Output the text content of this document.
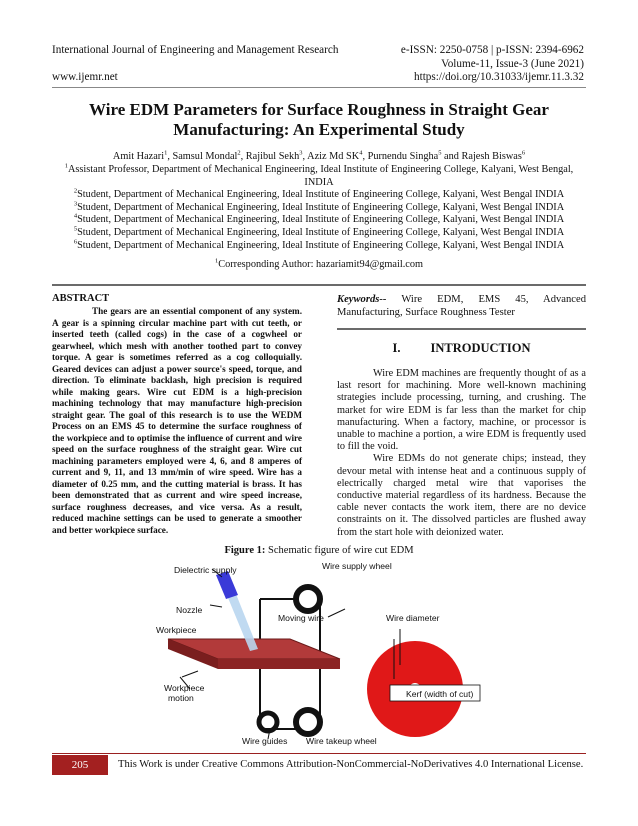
International Journal of Engineering and Management Research	e-ISSN: 2250-0758 | p-ISSN: 2394-6962
Volume-11, Issue-3 (June 2021)
www.ijemr.net	https://doi.org/10.31033/ijemr.11.3.32
Wire EDM Parameters for Surface Roughness in Straight Gear
Manufacturing: An Experimental Study
Amit Hazari$^1$, Samsul Mondal$^2$, Rajibul Sekh$^3$, Aziz Md $SK^4$, Purnendu Singha$^5$ and Rajesh Biswas$^6$
$^1$Assistant Professor, Department of Mechanical Engineering, Ideal Institute of Engineering College, Kalyani, West Bengal,
INDIA
$^2$Student, Department of Mechanical Engineering, Ideal Institute of Engineering College, Kalyani, West Bengal INDIA
$^3$Student, Department of Mechanical Engineering, Ideal Institute of Engineering College, Kalyani, West Bengal INDIA
$^4$Student, Department of Mechanical Engineering, Ideal Institute of Engineering College, Kalyani, West Bengal INDIA
$^5$Student, Department of Mechanical Engineering, Ideal Institute of Engineering College, Kalyani, West Bengal INDIA
$^6$Student, Department of Mechanical Engineering, Ideal Institute of Engineering College, Kalyani, West Bengal INDIA
$^1$Corresponding Author: hazariamit94@gmail.com
ABSTRACT

The gears are an essential component of any system. A gear is a spinning circular machine part with cut teeth, or inserted teeth (called cogs) in the case of a cogwheel or gearwheel, which mesh with another toothed part to convey torque. A gear is sometimes referred as a cog colloquially. Geared devices can adjust a power source's speed, torque, and direction. To eliminate backlash, high precision is required while making gears. Wire cut EDM is a high-precision machining technology that may manufacture high-precision straight gear. The goal of this research is to use the WEDM Process on an EMS 45 to determine the surface roughness of the workpiece and to optimise the influence of current and wire speed on the surface roughness of the straight gear. Wire cut machining parameters employed were 4, 6, and 8 amperes of current and 9, 11, and 13 mm/min of wire speed. Wire has a diameter of 0.25 mm, and the cutting material is brass. It has been demonstrated that as current and wire speed increase, surface roughness decreases, and vice versa. As a result, reduced machine settings can be used to generate a smoother and better workpiece surface.

Keywords-- Wire EDM, EMS 45, Advanced Manufacturing, Surface Roughness Tester
I. INTRODUCTION

Wire EDM machines are frequently thought of as a last resort for machining. More well-known machining strategies include processing, turning, and crushing. The market for wire EDM is far less than the market for chip manufacturing. When a factory, machine, or processor is unable to machine a portion, a wire EDM is frequently used to fill the void.

Wire EDMs do not generate chips; instead, they devour metal with intense heat and a continuous supply of electrically charged metal wire that vaporises the conductive material regardless of its hardness. Because the cable never contacts the work item, there are no device constraints on it. The dissolved particles are flushed away from the start hole with deionized water.

Figure 1: Schematic figure of wire cut EDM
Dielectric supply	Wire supply wheel
Nozzle
Moving wire	Wire diameter
Workpiece
Workpiece
motion	Kerf (width of cut)
Wire guides Wire takeup wheel
205	This Work is under Creative Commons Attribution-NonCommercial-NoDerivatives 4.0 International License.
